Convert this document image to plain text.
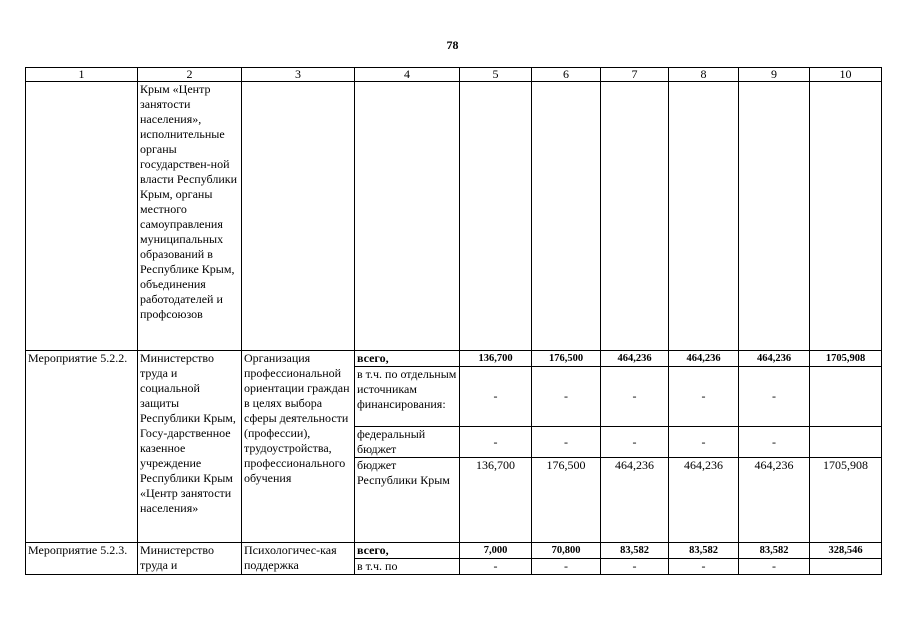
78
1	2	3	4	5	6	7	8	9	10
	Крым «Центр занятости населения», исполнительные органы государствен-ной власти Республики Крым, органы местного самоуправления муниципальных образований в Республике Крым, объединения работодателей и профсоюзов								
Мероприятие 5.2.2.	Министерство труда и социальной защиты Республики Крым, Госу-дарственное казенное учреждение Республики Крым «Центр занятости населения»	Организация профессиональной ориентации граждан в целях выбора сферы деятельности (профессии), трудоустройства, профессионального обучения	всего,	136,700	176,500	464,236	464,236	464,236	1705,908
			в т.ч. по отдельным источникам финансирования:	-	-	-	-	-	
			федеральный бюджет	-	-	-	-	-	
			бюджет Республики Крым	136,700	176,500	464,236	464,236	464,236	1705,908
Мероприятие 5.2.3.	Министерство труда и	Психологичес-кая поддержка	всего,	7,000	70,800	83,582	83,582	83,582	328,546
			в т.ч. по	-	-	-	-	-	
